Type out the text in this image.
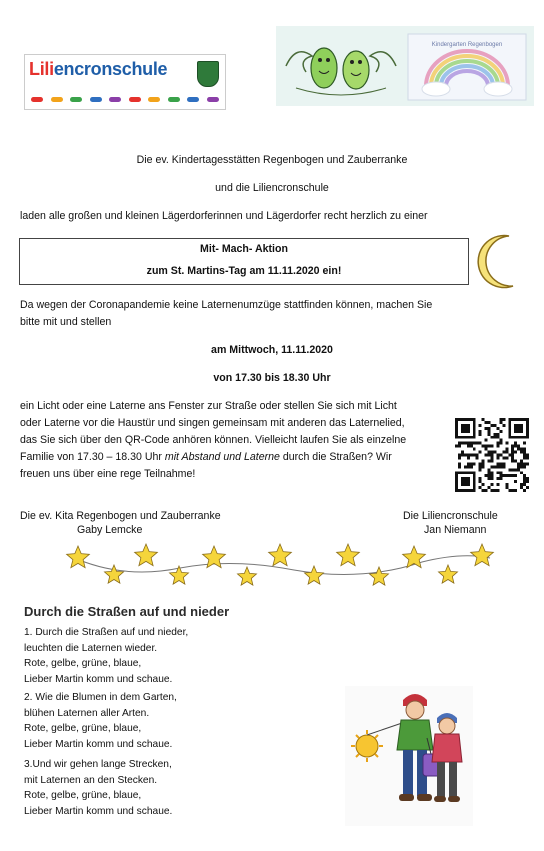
Liliencronschule
Kindergarten Regenbogen
Die ev. Kindertagesstätten Regenbogen und Zauberranke
und die Liliencronschule
laden alle großen und kleinen Lägerdorferinnen und Lägerdorfer recht herzlich zu einer
Mit- Mach- Aktion
zum St. Martins-Tag am 11.11.2020 ein!
Da wegen der Coronapandemie keine Laternenumzüge stattfinden können, machen Sie
bitte mit und stellen
am Mittwoch, 11.11.2020
von 17.30 bis 18.30 Uhr
ein Licht oder eine Laterne ans Fenster zur Straße oder stellen Sie sich mit Licht
oder Laterne vor die Haustür und singen gemeinsam mit anderen das Laternelied,
das Sie sich über den QR-Code anhören können. Vielleicht laufen Sie als einzelne
Familie von 17.30 – 18.30 Uhr mit Abstand und Laterne durch die Straßen? Wir
freuen uns über eine rege Teilnahme!
Die ev. Kita Regenbogen und Zauberranke
Gaby Lemcke
Die Liliencronschule
Jan Niemann
Durch die Straßen auf und nieder
1. Durch die Straßen auf und nieder,
leuchten die Laternen wieder.
Rote, gelbe, grüne, blaue,
Lieber Martin komm und schaue.
2. Wie die Blumen in dem Garten,
blühen Laternen aller Arten.
Rote, gelbe, grüne, blaue,
Lieber Martin komm und schaue.
3.Und wir gehen lange Strecken,
mit Laternen an den Stecken.
Rote, gelbe, grüne, blaue,
Lieber Martin komm und schaue.
